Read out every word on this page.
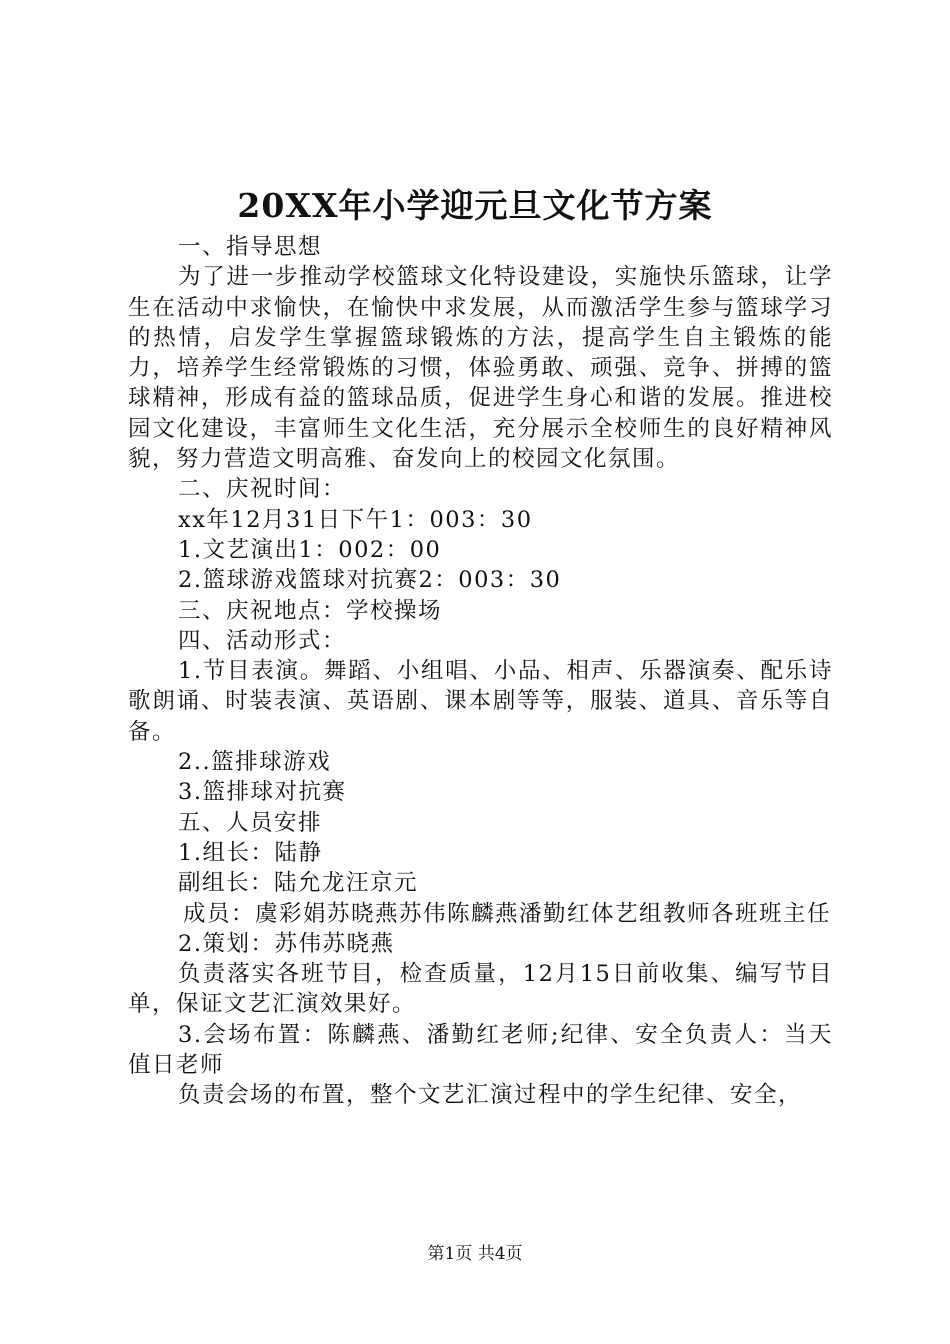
20XX年小学迎元旦文化节方案

一、指导思想

为了进一步推动学校篮球文化特设建设，实施快乐篮球，让学生在活动中求愉快，在愉快中求发展，从而激活学生参与篮球学习的热情，启发学生掌握篮球锻炼的方法，提高学生自主锻炼的能力，培养学生经常锻炼的习惯，体验勇敢、顽强、竞争、拼搏的篮球精神，形成有益的篮球品质，促进学生身心和谐的发展。推进校园文化建设，丰富师生文化生活，充分展示全校师生的良好精神风貌，努力营造文明高雅、奋发向上的校园文化氛围。

二、庆祝时间：

xx年12月31日下午1：003：30

1.文艺演出1：002：00

2.篮球游戏篮球对抗赛2：003：30

三、庆祝地点：学校操场

四、活动形式：

1.节目表演。舞蹈、小组唱、小品、相声、乐器演奏、配乐诗歌朗诵、时装表演、英语剧、课本剧等等，服装、道具、音乐等自备。

2..篮排球游戏

3.篮排球对抗赛

五、人员安排

1.组长：陆静

副组长：陆允龙汪京元

成员：虞彩娟苏晓燕苏伟陈麟燕潘勤红体艺组教师各班班主任

2.策划：苏伟苏晓燕

负责落实各班节目，检查质量，12月15日前收集、编写节目单，保证文艺汇演效果好。

3.会场布置：陈麟燕、潘勤红老师;纪律、安全负责人：当天值日老师

负责会场的布置，整个文艺汇演过程中的学生纪律、安全，

第1页 共4页
